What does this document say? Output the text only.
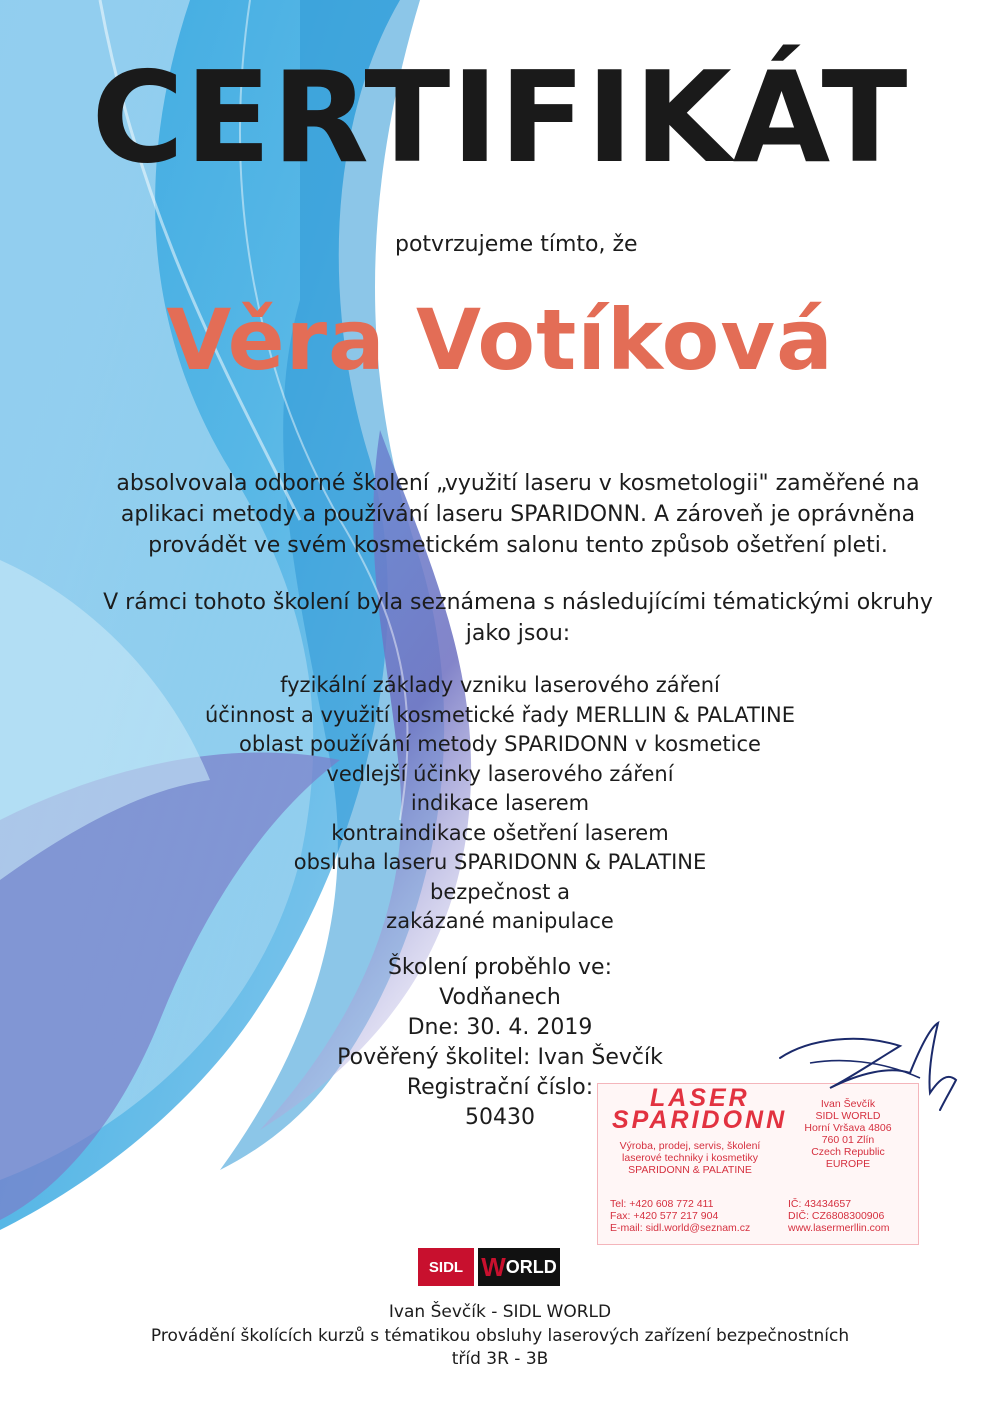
CERTIFIKÁT
potvrzujeme tímto, že
Věra Votíková
absolvovala odborné školení „využití laseru v kosmetologii" zaměřené na aplikaci metody a používání laseru SPARIDONN. A zároveň je oprávněna provádět ve svém kosmetickém salonu tento způsob ošetření pleti.
V rámci tohoto školení byla seznámena s následujícími tématickými okruhy jako jsou:
fyzikální základy vzniku laserového záření
účinnost a využití kosmetické řady MERLLIN & PALATINE
oblast používání metody SPARIDONN v kosmetice
vedlejší účinky laserového záření
indikace laserem
kontraindikace ošetření laserem
obsluha laseru SPARIDONN & PALATINE
bezpečnost a
zakázané manipulace
Školení proběhlo ve:
Vodňanech
Dne: 30. 4. 2019
Pověřený školitel: Ivan Ševčík
Registrační číslo:
50430
LASER
SPARIDONN
Výroba, prodej, servis, školení
laserové techniky i kosmetiky
SPARIDONN & PALATINE
Ivan Ševčík
SIDL WORLD
Horní Vršava 4806
760 01 Zlín
Czech Republic
EUROPE
Tel: +420 608 772 411
Fax: +420 577 217 904
E-mail: sidl.world@seznam.cz
IČ: 43434657
DIČ: CZ6808300906
www.lasermerllin.com
SIDL W ORLD
Ivan Ševčík - SIDL WORLD
Provádění školících kurzů s tématikou obsluhy laserových zařízení bezpečnostních
tříd 3R - 3B
